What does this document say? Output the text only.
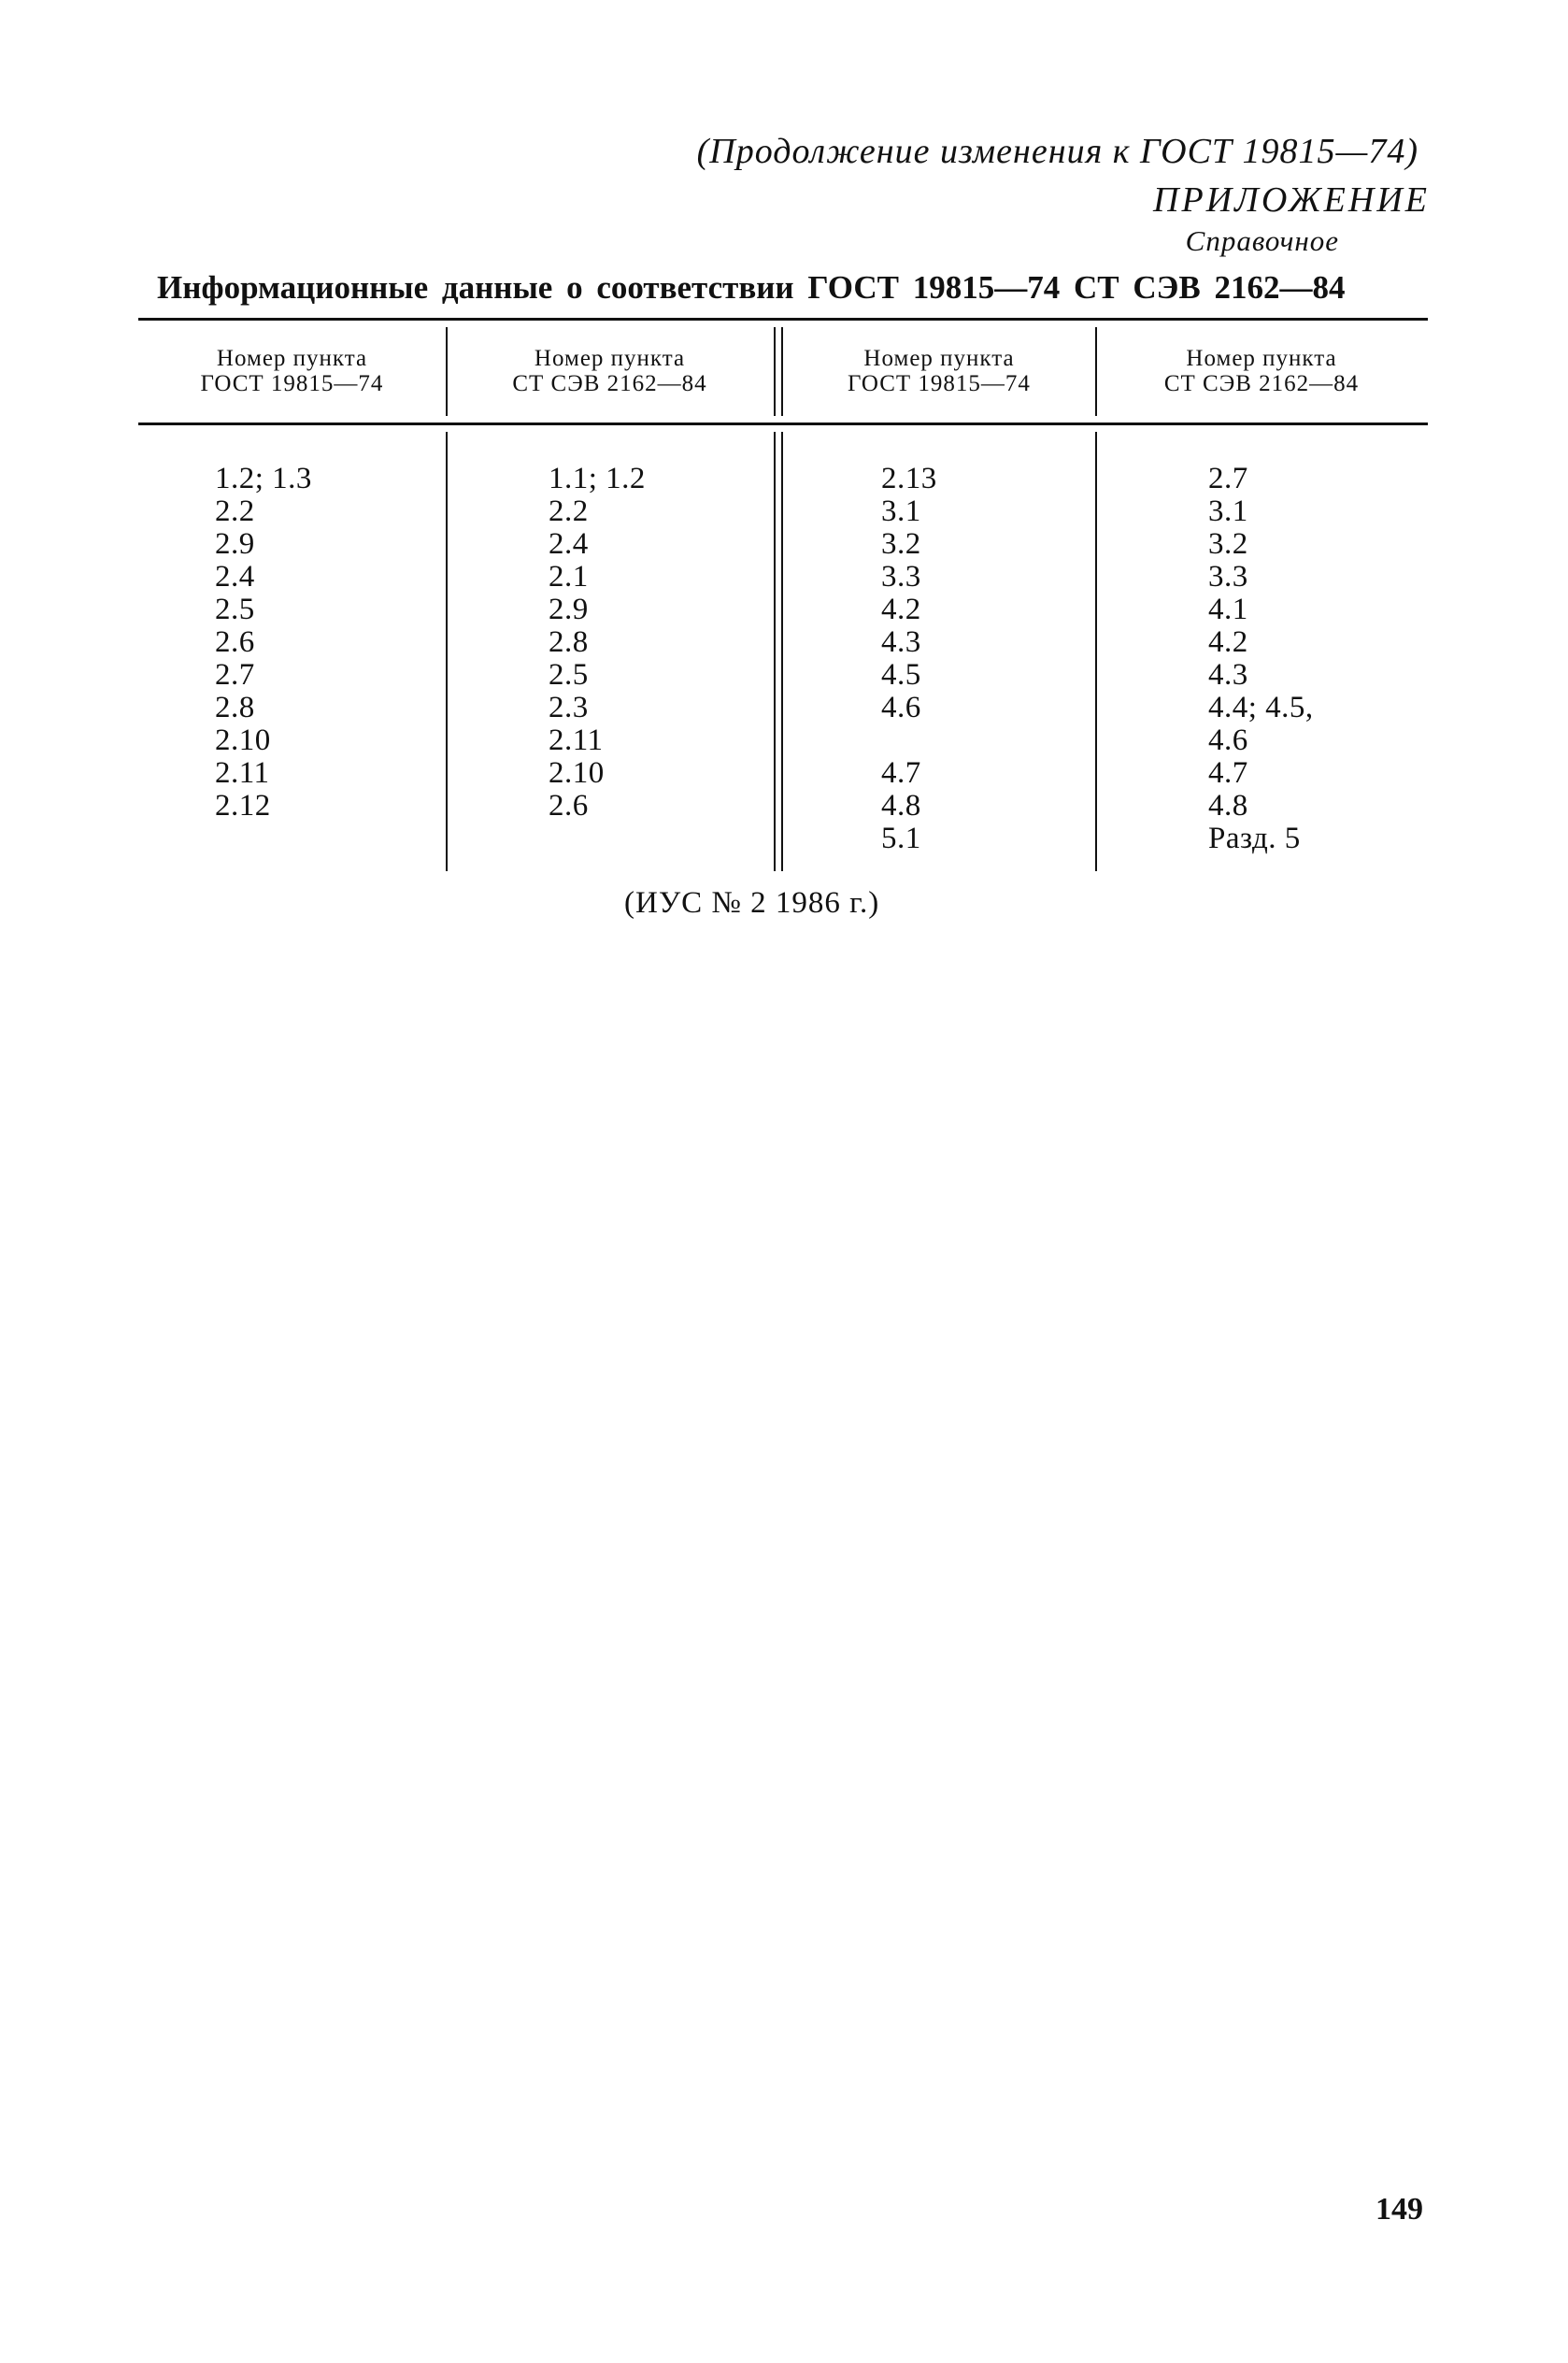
(Продолжение изменения к ГОСТ 19815—74)
ПРИЛОЖЕНИЕ
Справочное
Информационные данные о соответствии ГОСТ 19815—74 СТ СЭВ 2162—84
Номер пункта
ГОСТ 19815—74
Номер пункта
СТ СЭВ 2162—84
Номер пункта
ГОСТ 19815—74
Номер пункта
СТ СЭВ 2162—84
1.2; 1.3
2.2
2.9
2.4
2.5
2.6
2.7
2.8
2.10
2.11
2.12
1.1; 1.2
2.2
2.4
2.1
2.9
2.8
2.5
2.3
2.11
2.10
2.6
2.13
3.1
3.2
3.3
4.2
4.3
4.5
4.6
4.7
4.8
5.1
2.7
3.1
3.2
3.3
4.1
4.2
4.3
4.4; 4.5,
4.6
4.7
4.8
Разд. 5
(ИУС № 2 1986 г.)
149
